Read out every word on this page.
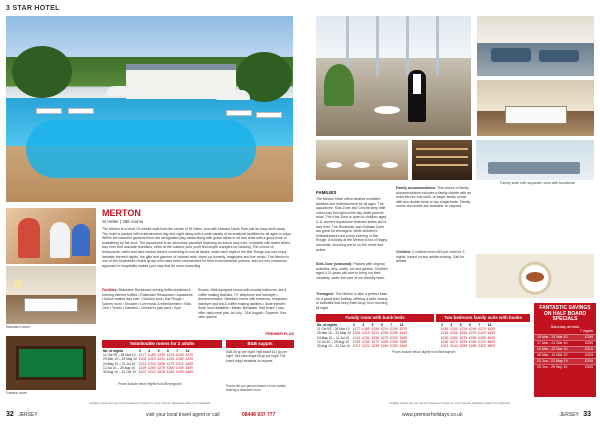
3 STAR HOTEL
Standard room
Games room
MERTON
St Helier | 286 rooms
The Merton is a short 15 minute walk from the centre of St Helier, and with Howard Davis Park just an easy stroll away. The hotel is packed with entertainment day and night along with a wide variety of recreational facilities for all ages to enjoy. Within the beautiful gardens there are designated play areas along with grass areas to sit and relax with a good book or sunbathing by the pool. The Aquadome is an adventure paradise featuring an indoor lazy river, complete with water slides, lazy river and cascade fountains, while at the outdoor pool you'll find ample loungers for basking. The choice of restaurants, cafés and bars means there's something to suit all tastes, while each night in the Bar Rouge you can enjoy fantastic themed nights, the glitz and glamour of cabaret acts, stand-up comedy, magicians and live music. The Merton is one of the Seabreeze Hotels group who have been commended for their environmental policies, and our eco-conscious approach to hospitality makes your stay that bit more rewarding.
Facilities: Belvedere Restaurant serving buffet breakfast & evening themed buffets • Rotterdam Restaurant • Aquadome • Indoor heated lazy river • Outdoor pool • Bar Rouge • Games room • Snooker • Live music & entertainment • Kids Club • Tennis • Gardens • Children's play area • Gym
Rooms: Well-equipped rooms with ensuite bathroom, tea & coffee making facilities, TV, telephone and hairdryer • Accommodation: Standard rooms with television, telephone, hairdryer and tea & coffee making facilities • Suite transfer: Suite room available • Meals: Breakfast. Half board 7-day offer; daily meal plan 1st July - 31st August • Superior: Sea view options
PREMIER PLUS
Twin/double rooms for 2 adults
No. of nights	3	4	5	6	7	14
11 Oct 09 – 28 Mar 10	£177	£189	£199	£219	£249	£379
29 Mar 10 – 23 May 10	£202	£219	£231	£253	£289	£449
24 May 10 – 11 Jul 10	£214	£234	£255	£279	£315	£499
12 Jul 10 – 29 Aug 10	£229	£259	£279	£309	£349	£559
30 Aug 10 – 31 Oct 10	£207	£224	£239	£262	£299	£469
Prices include return flights from Birmingham
B&B suppts
B&B £5 pp per night. Half board £11 pp per night. Sea view suppt £6 pp per night. Full board suppt available on request.
Prices are per person based on two adults sharing a standard room.
Holiday prices are per person based on travel on your chosen departure date from Gatwick.
32 JERSEY	visit your local travel agent or call	08448 937 777
Family suite with separate room with bunkbeds
FAMILIES
The Merton Hotel offers families excellent facilities and entertainment for all ages. The Aquadome, Kids Zone and Creche keep little ones busy throughout the day while parents relax. The Kids Zone is open to children aged 4-11 and the Aquadome features slides and a lazy river. The Rocktober and Outlaws Zone are great for teenagers, while children's entertainment runs every evening in Bar Rouge. A holiday at the Merton is full of happy moments, ensuring you're on the move and active.
Kids Zone (seasonal): Packed with original activities, arts, crafts, fun and games. Children aged 4-11 years will love to bring out their creativity under the care of our friendly team.
Teenagers: The Merton is also a perfect base for a great teen holiday, offering a wide variety of activities that keep them busy from morning till night.
Family accommodation: This choice of family accommodation includes a family double with an extra bed for one child, or larger family rooms with two double beds or two single beds. Family rooms and suites are available on request.
Children: 2 children from £49 per child for 3 nights, based on two adults sharing. Call for details.
Family room with bunk beds
No. of nights	3	4	5	6	7	14
11 Oct 09 – 28 Mar 10	£177	£189	£199	£219	£249	£379
29 Mar 10 – 23 May 10	£202	£219	£231	£253	£289	£449
24 May 10 – 11 Jul 10	£214	£234	£255	£279	£315	£499
12 Jul 10 – 29 Aug 10	£229	£259	£279	£309	£349	£559
30 Aug 10 – 31 Oct 10	£207	£224	£239	£262	£299	£469
Two bedroom family suite with bunks
3	4	5	6	7	14
£189	£204	£219	£249	£279	£429
£218	£236	£255	£279	£319	£499
£230	£253	£275	£299	£339	£539
£245	£279	£299	£329	£379	£609
£221	£243	£259	£289	£325	£509
Prices include return flights from Birmingham
FANTASTIC SAVINGS ON HALF BOARD SPECIALS
Saturday arrivals
7 nights
15 Mar - 31 Mar 10	£289
17 Mar - 21 Mar 10	£299
10 Mar - 22 Mar 10	£319
18 Mar - 12 Mar 10	£329
23 Jun - 22 May 10	£339
29 Jun - 29 Sep 10	£349
Holiday prices are per person based on travel on your chosen departure date from Gatwick.
www.premierholidays.co.uk	JERSEY 33
